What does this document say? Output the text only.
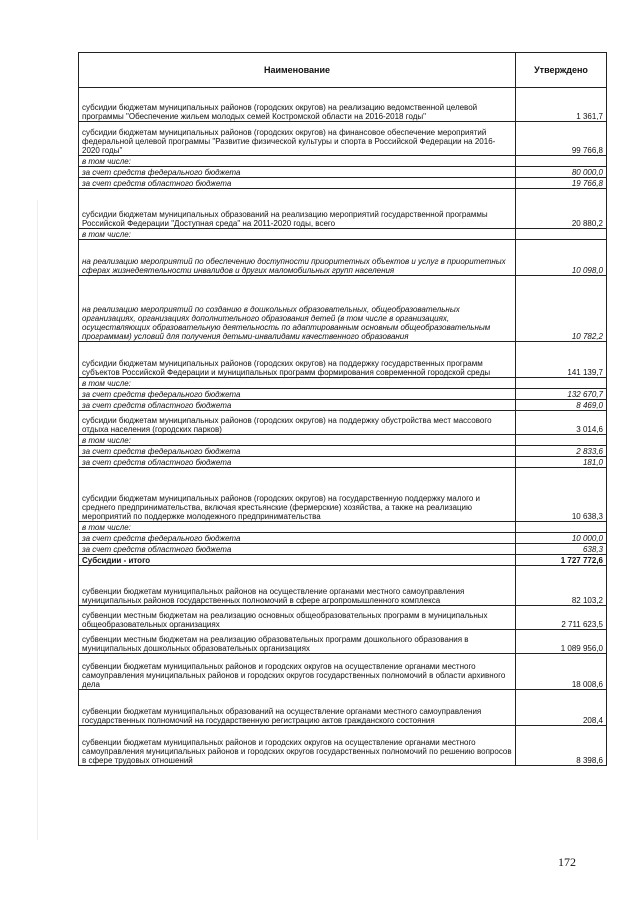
Наименование	Утверждено
субсидии бюджетам муниципальных районов (городских округов) на реализацию ведомственной целевой программы "Обеспечение жильем молодых семей Костромской области на 2016-2018 годы"	1 361,7
субсидии бюджетам муниципальных районов (городских округов) на финансовое обеспечение мероприятий федеральной целевой программы "Развитие физической культуры и спорта в Российской Федерации на 2016-2020 годы"	99 766,8
в том числе:	
за счет средств федерального бюджета	80 000,0
за счет средств областного бюджета	19 766,8
субсидии бюджетам муниципальных образований на реализацию мероприятий государственной программы Российской Федерации "Доступная среда" на 2011-2020 годы, всего	20 880,2
в том числе:	
на реализацию мероприятий по обеспечению доступности приоритетных объектов и услуг в приоритетных сферах жизнедеятельности инвалидов и других маломобильных групп населения	10 098,0
на реализацию мероприятий по созданию в дошкольных образовательных, общеобразовательных организациях, организациях дополнительного образования детей (в том числе в организациях, осуществляющих образовательную деятельность по адаптированным основным общеобразовательным программам) условий для получения детьми-инвалидами качественного образования	10 782,2
субсидии бюджетам муниципальных районов (городских округов) на поддержку государственных программ субъектов Российской Федерации и муниципальных программ формирования современной городской среды	141 139,7
в том числе:	
за счет средств федерального бюджета	132 670,7
за счет средств областного бюджета	8 469,0
субсидии бюджетам муниципальных районов (городских округов) на поддержку обустройства мест массового отдыха населения (городских парков)	3 014,6
в том числе:	
за счет средств федерального бюджета	2 833,6
за счет средств областного бюджета	181,0
субсидии бюджетам муниципальных районов (городских округов) на государственную поддержку малого и среднего предпринимательства, включая крестьянские (фермерские) хозяйства, а также на реализацию мероприятий по поддержке молодежного предпринимательства	10 638,3
в том числе:	
за счет средств федерального бюджета	10 000,0
за счет средств областного бюджета	638,3
Субсидии - итого	1 727 772,6
субвенции бюджетам муниципальных районов на осуществление органами местного самоуправления муниципальных районов государственных полномочий в сфере агропромышленного комплекса	82 103,2
субвенции местным бюджетам на реализацию основных общеобразовательных программ в муниципальных общеобразовательных организациях	2 711 623,5
субвенции местным бюджетам на реализацию образовательных программ дошкольного образования в муниципальных дошкольных образовательных организациях	1 089 956,0
субвенции бюджетам муниципальных районов и городских округов на осуществление органами местного самоуправления муниципальных районов и городских округов государственных полномочий в области архивного дела	18 008,6
субвенции бюджетам муниципальных образований на осуществление органами местного самоуправления государственных полномочий на государственную регистрацию актов гражданского состояния	208,4
субвенции бюджетам муниципальных районов и городских округов на осуществление органами местного самоуправления муниципальных районов и городских округов государственных полномочий по решению вопросов в сфере трудовых отношений	8 398,6
172
